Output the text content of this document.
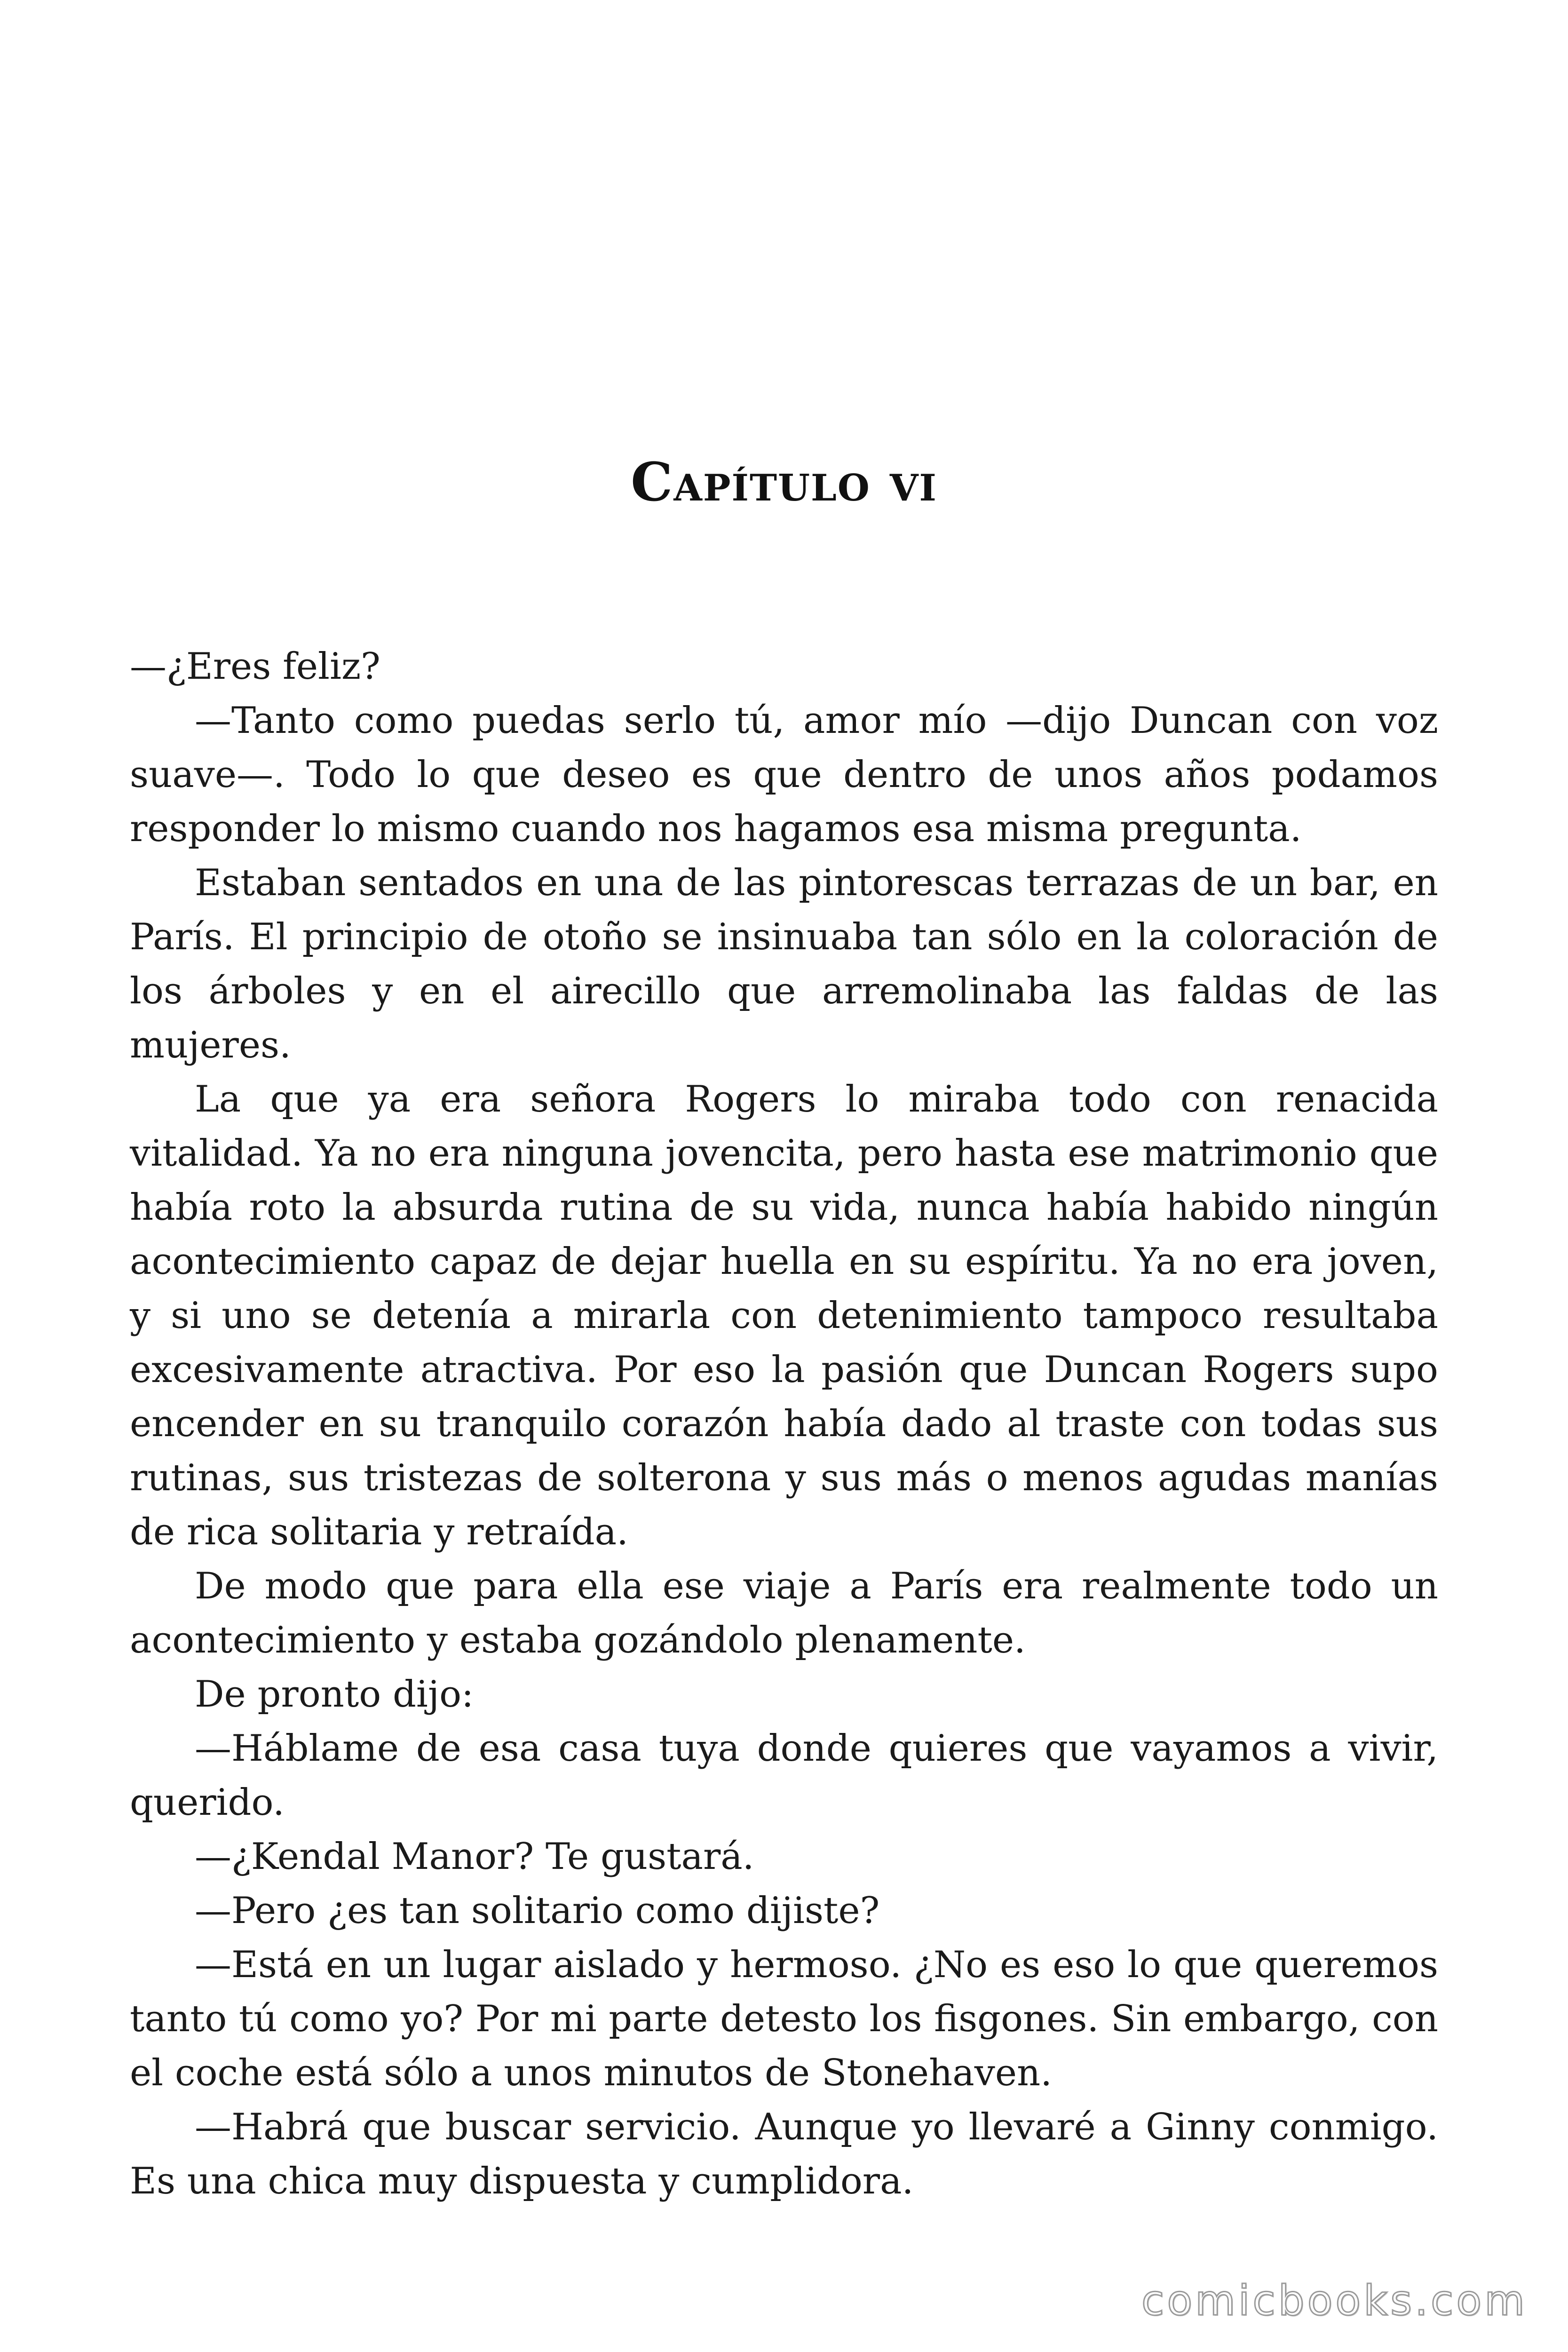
Capítulo vi

—¿Eres feliz?

—Tanto como puedas serlo tú, amor mío —dijo Duncan con voz suave—. Todo lo que deseo es que dentro de unos años podamos responder lo mismo cuando nos hagamos esa misma pregunta.

Estaban sentados en una de las pintorescas terrazas de un bar, en París. El principio de otoño se insinuaba tan sólo en la coloración de los árboles y en el airecillo que arremolinaba las faldas de las mujeres.

La que ya era señora Rogers lo miraba todo con renacida vitalidad. Ya no era ninguna jovencita, pero hasta ese matrimonio que había roto la absurda rutina de su vida, nunca había habido ningún acontecimiento capaz de dejar huella en su espíritu. Ya no era joven, y si uno se detenía a mirarla con detenimiento tampoco resultaba excesivamente atractiva. Por eso la pasión que Duncan Rogers supo encender en su tranquilo corazón había dado al traste con todas sus rutinas, sus tristezas de solterona y sus más o menos agudas manías de rica solitaria y retraída.

De modo que para ella ese viaje a París era realmente todo un acontecimiento y estaba gozándolo plenamente.

De pronto dijo:

—Háblame de esa casa tuya donde quieres que vayamos a vivir, querido.

—¿Kendal Manor? Te gustará.

—Pero ¿es tan solitario como dijiste?

—Está en un lugar aislado y hermoso. ¿No es eso lo que queremos tanto tú como yo? Por mi parte detesto los fisgones. Sin embargo, con el coche está sólo a unos minutos de Stonehaven.

—Habrá que buscar servicio. Aunque yo llevaré a Ginny conmigo. Es una chica muy dispuesta y cumplidora.

comicbooks.com
